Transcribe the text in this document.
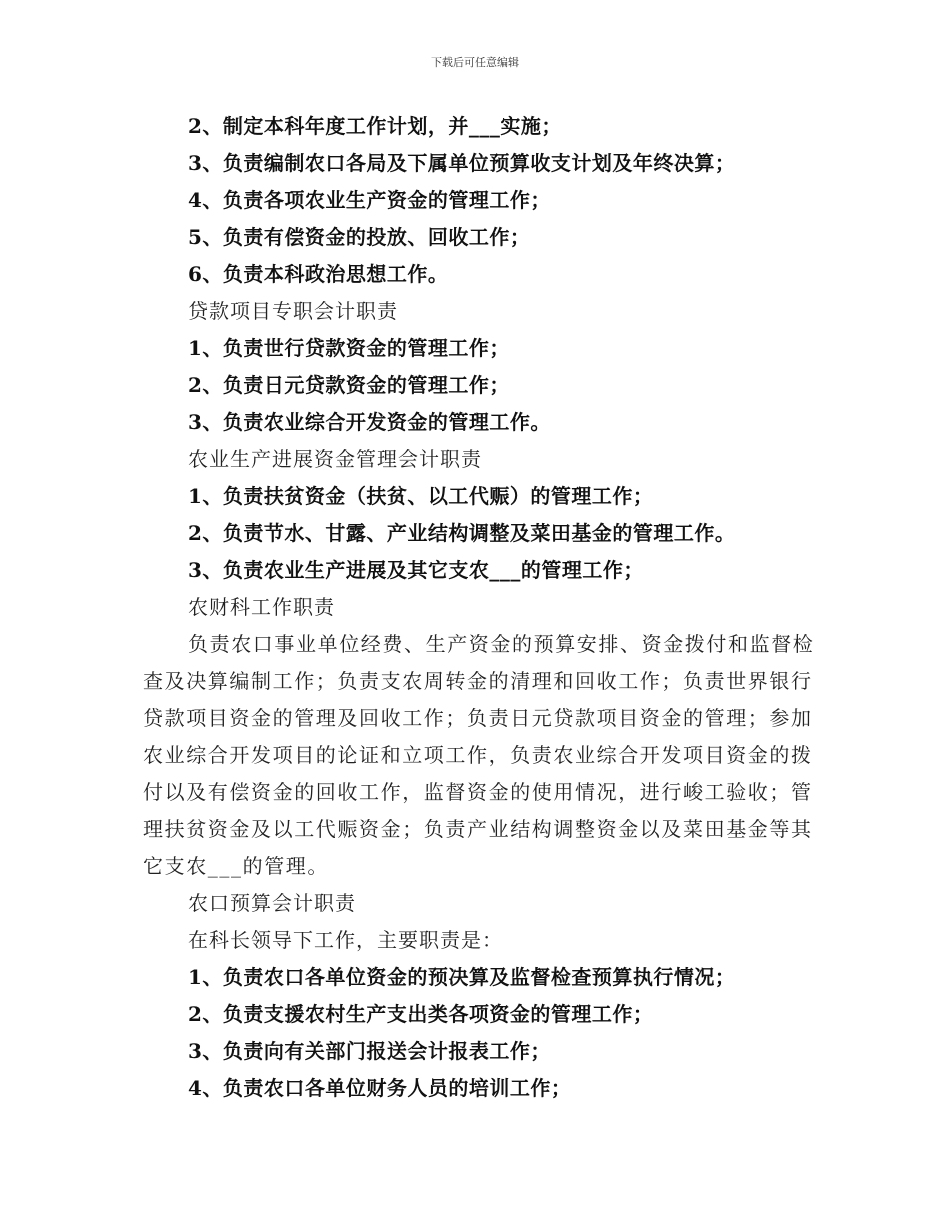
下载后可任意编辑
2、制定本科年度工作计划，并___实施；
3、负责编制农口各局及下属单位预算收支计划及年终决算；
4、负责各项农业生产资金的管理工作；
5、负责有偿资金的投放、回收工作；
6、负责本科政治思想工作。
贷款项目专职会计职责
1、负责世行贷款资金的管理工作；
2、负责日元贷款资金的管理工作；
3、负责农业综合开发资金的管理工作。
农业生产进展资金管理会计职责
1、负责扶贫资金（扶贫、以工代赈）的管理工作；
2、负责节水、甘露、产业结构调整及菜田基金的管理工作。
3、负责农业生产进展及其它支农___的管理工作；
农财科工作职责

负责农口事业单位经费、生产资金的预算安排、资金拨付和监督检查及决算编制工作；负责支农周转金的清理和回收工作；负责世界银行贷款项目资金的管理及回收工作；负责日元贷款项目资金的管理；参加农业综合开发项目的论证和立项工作，负责农业综合开发项目资金的拨付以及有偿资金的回收工作，监督资金的使用情况，进行峻工验收；管理扶贫资金及以工代赈资金；负责产业结构调整资金以及菜田基金等其它支农___的管理。

农口预算会计职责
在科长领导下工作，主要职责是：
1、负责农口各单位资金的预决算及监督检查预算执行情况；
2、负责支援农村生产支出类各项资金的管理工作；
3、负责向有关部门报送会计报表工作；
4、负责农口各单位财务人员的培训工作；
